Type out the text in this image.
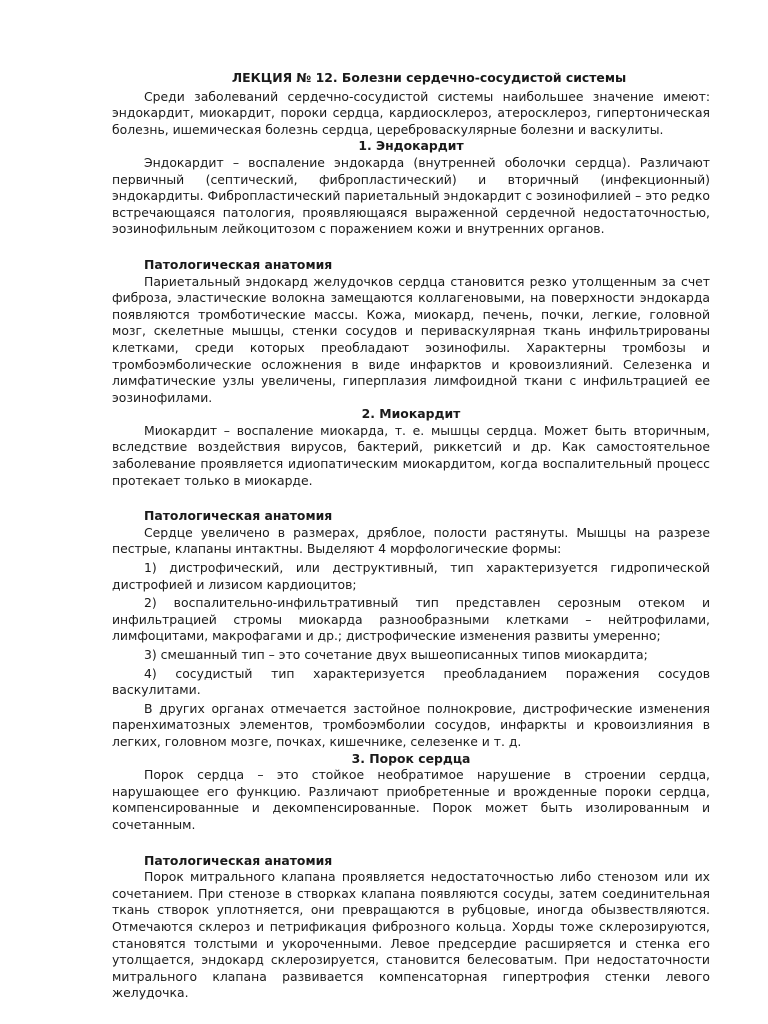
ЛЕКЦИЯ № 12. Болезни сердечно-сосудистой системы

Среди заболеваний сердечно-сосудистой системы наибольшее значение имеют: эндокардит, миокардит, пороки сердца, кардиосклероз, атеросклероз, гипертоническая болезнь, ишемическая болезнь сердца, цереброваскулярные болезни и васкулиты.

1. Эндокардит

Эндокардит – воспаление эндокарда (внутренней оболочки сердца). Различают первичный (септический, фибропластический) и вторичный (инфекционный) эндокардиты. Фибропластический париетальный эндокардит с эозинофилией – это редко встречающаяся патология, проявляющаяся выраженной сердечной недостаточностью, эозинофильным лейкоцитозом с поражением кожи и внутренних органов.

Патологическая анатомия

Париетальный эндокард желудочков сердца становится резко утолщенным за счет фиброза, эластические волокна замещаются коллагеновыми, на поверхности эндокарда появляются тромботические массы. Кожа, миокард, печень, почки, легкие, головной мозг, скелетные мышцы, стенки сосудов и периваскулярная ткань инфильтрированы клетками, среди которых преобладают эозинофилы. Характерны тромбозы и тромбоэмболические осложнения в виде инфарктов и кровоизлияний. Селезенка и лимфатические узлы увеличены, гиперплазия лимфоидной ткани с инфильтрацией ее эозинофилами.

2. Миокардит

Миокардит – воспаление миокарда, т. е. мышцы сердца. Может быть вторичным, вследствие воздействия вирусов, бактерий, риккетсий и др. Как самостоятельное заболевание проявляется идиопатическим миокардитом, когда воспалительный процесс протекает только в миокарде.

Патологическая анатомия

Сердце увеличено в размерах, дряблое, полости растянуты. Мышцы на разрезе пестрые, клапаны интактны. Выделяют 4 морфологические формы:

1) дистрофический, или деструктивный, тип характеризуется гидропической дистрофией и лизисом кардиоцитов;

2) воспалительно-инфильтративный тип представлен серозным отеком и инфильтрацией стромы миокарда разнообразными клетками – нейтрофилами, лимфоцитами, макрофагами и др.; дистрофические изменения развиты умеренно;

3) смешанный тип – это сочетание двух вышеописанных типов миокардита;

4) сосудистый тип характеризуется преобладанием поражения сосудов васкулитами.

В других органах отмечается застойное полнокровие, дистрофические изменения паренхиматозных элементов, тромбоэмболии сосудов, инфаркты и кровоизлияния в легких, головном мозге, почках, кишечнике, селезенке и т. д.

3. Порок сердца

Порок сердца – это стойкое необратимое нарушение в строении сердца, нарушающее его функцию. Различают приобретенные и врожденные пороки сердца, компенсированные и декомпенсированные. Порок может быть изолированным и сочетанным.

Патологическая анатомия

Порок митрального клапана проявляется недостаточностью либо стенозом или их сочетанием. При стенозе в створках клапана появляются сосуды, затем соединительная ткань створок уплотняется, они превращаются в рубцовые, иногда обызвествляются. Отмечаются склероз и петрификация фиброзного кольца. Хорды тоже склерозируются, становятся толстыми и укороченными. Левое предсердие расширяется и стенка его утолщается, эндокард склерозируется, становится белесоватым. При недостаточности митрального клапана развивается компенсаторная гипертрофия стенки левого желудочка.
